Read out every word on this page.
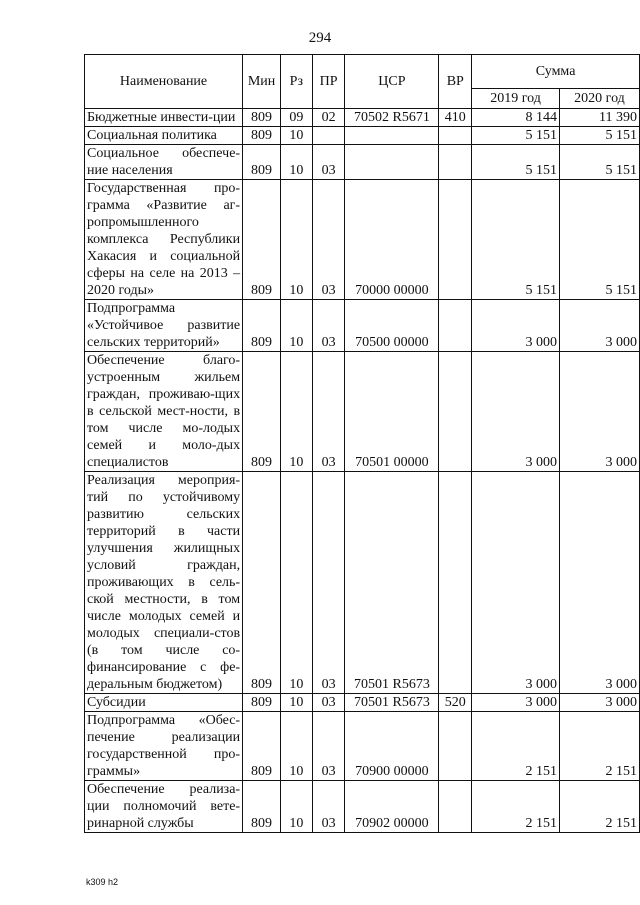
294
Наименование	Мин	Рз	ПР	ЦСР	ВР	Сумма	
						2019 год	2020 год
Бюджетные инвести-ции	809	09	02	70502 R5671	410	8 144	11 390
Социальная политика	809	10				5 151	5 151
Социальное обеспече-ние населения	809	10	03			5 151	5 151
Государственная про-грамма «Развитие аг-ропромышленного комплекса Республики Хакасия и социальной сферы на селе на 2013 – 2020 годы»	809	10	03	70000 00000		5 151	5 151
Подпрограмма «Устойчивое развитие сельских территорий»	809	10	03	70500 00000		3 000	3 000
Обеспечение благо-устроенным жильем граждан, проживаю-щих в сельской мест-ности, в том числе мо-лодых семей и моло-дых специалистов	809	10	03	70501 00000		3 000	3 000
Реализация мероприя-тий по устойчивому развитию сельских территорий в части улучшения жилищных условий граждан, проживающих в сель-ской местности, в том числе молодых семей и молодых специали-стов (в том числе со-финансирование с фе-деральным бюджетом)	809	10	03	70501 R5673		3 000	3 000
Субсидии	809	10	03	70501 R5673	520	3 000	3 000
Подпрограмма «Обес-печение реализации государственной про-граммы»	809	10	03	70900 00000		2 151	2 151
Обеспечение реализа-ции полномочий вете-ринарной службы	809	10	03	70902 00000		2 151	2 151
k309 h2
